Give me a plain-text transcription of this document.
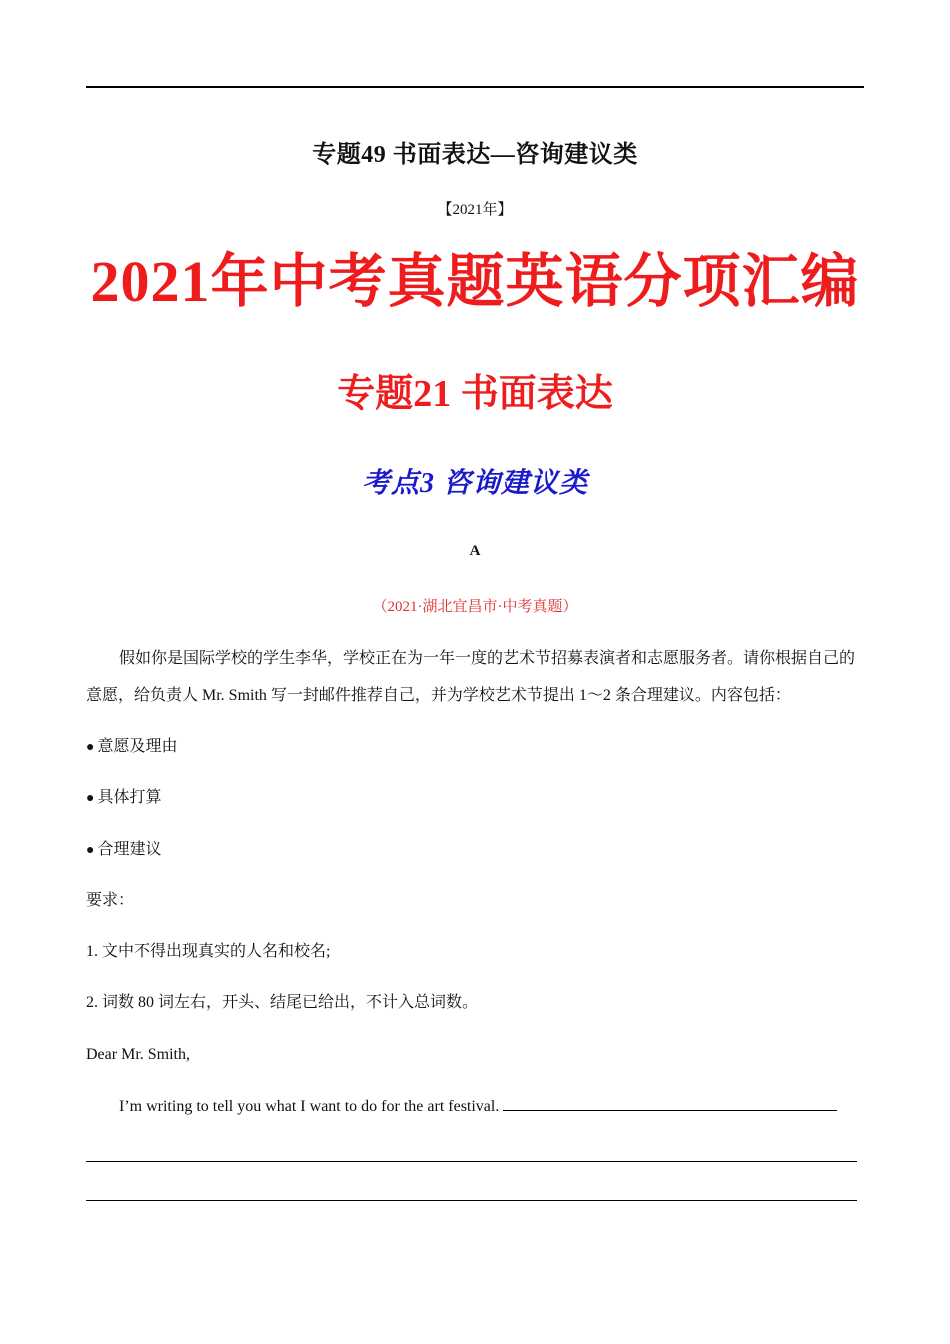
专题49 书面表达—咨询建议类
【2021年】
2021年中考真题英语分项汇编
专题21 书面表达
考点3 咨询建议类
A
（2021·湖北宜昌市·中考真题）
假如你是国际学校的学生李华，学校正在为一年一度的艺术节招募表演者和志愿服务者。请你根据自己的意愿，给负责人 Mr. Smith 写一封邮件推荐自己，并为学校艺术节提出 1～2 条合理建议。内容包括：
● 意愿及理由
● 具体打算
● 合理建议
要求：
1. 文中不得出现真实的人名和校名;
2. 词数 80 词左右，开头、结尾已给出，不计入总词数。
Dear Mr. Smith,
I’m writing to tell you what I want to do for the art festival.
